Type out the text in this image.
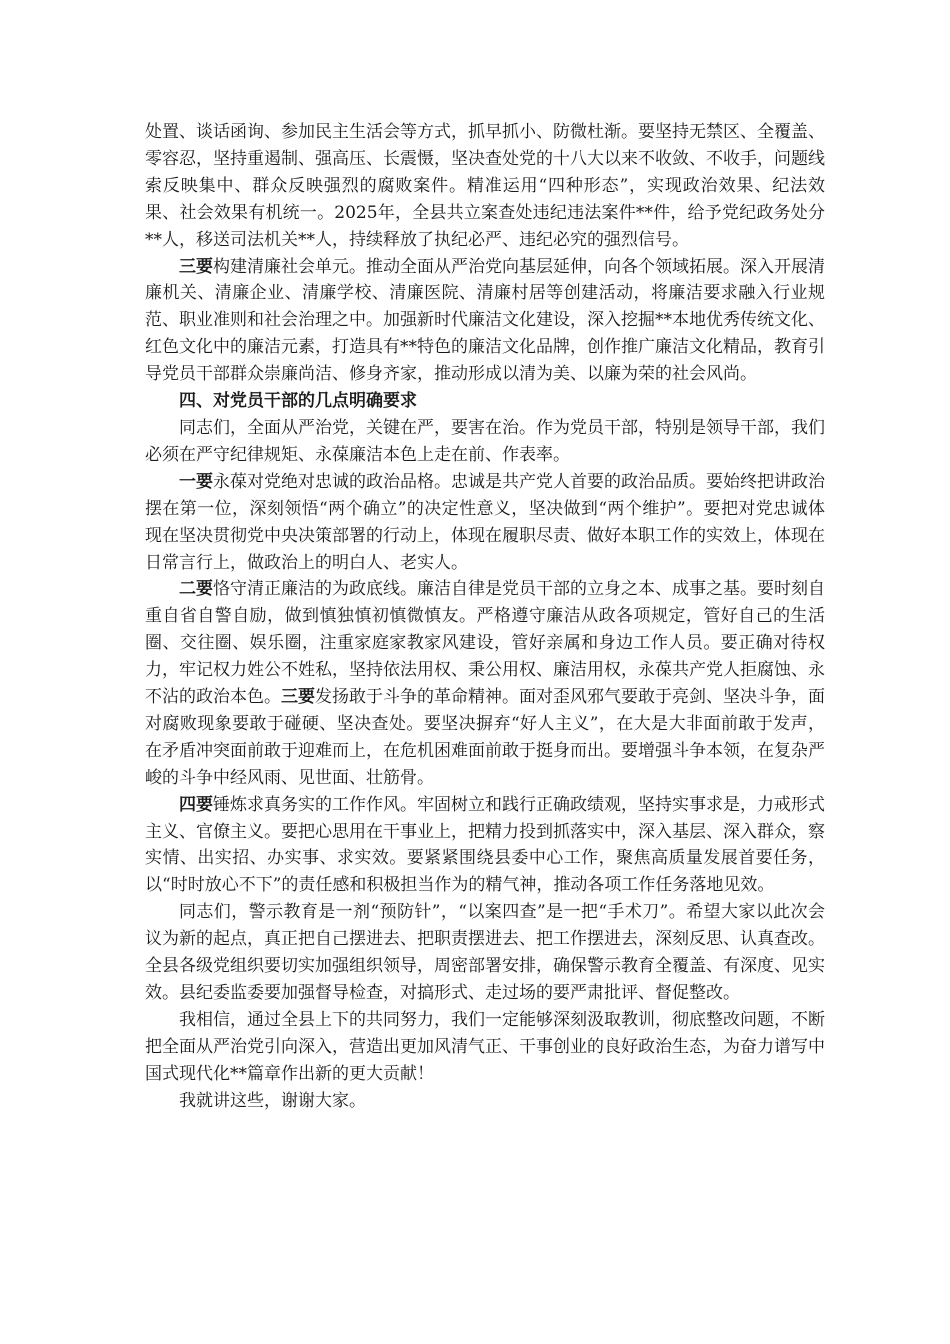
处置、谈话函询、参加民主生活会等方式，抓早抓小、防微杜渐。要坚持无禁区、全覆盖、零容忍，坚持重遏制、强高压、长震慑，坚决查处党的十八大以来不收敛、不收手，问题线索反映集中、群众反映强烈的腐败案件。精准运用“四种形态”，实现政治效果、纪法效果、社会效果有机统一。2025年，全县共立案查处违纪违法案件**件，给予党纪政务处分**人，移送司法机关**人，持续释放了执纪必严、违纪必究的强烈信号。

三要构建清廉社会单元。推动全面从严治党向基层延伸，向各个领域拓展。深入开展清廉机关、清廉企业、清廉学校、清廉医院、清廉村居等创建活动，将廉洁要求融入行业规范、职业准则和社会治理之中。加强新时代廉洁文化建设，深入挖掘**本地优秀传统文化、红色文化中的廉洁元素，打造具有**特色的廉洁文化品牌，创作推广廉洁文化精品，教育引导党员干部群众崇廉尚洁、修身齐家，推动形成以清为美、以廉为荣的社会风尚。

四、对党员干部的几点明确要求

同志们，全面从严治党，关键在严，要害在治。作为党员干部，特别是领导干部，我们必须在严守纪律规矩、永葆廉洁本色上走在前、作表率。

一要永葆对党绝对忠诚的政治品格。忠诚是共产党人首要的政治品质。要始终把讲政治摆在第一位，深刻领悟“两个确立”的决定性意义，坚决做到“两个维护”。要把对党忠诚体现在坚决贯彻党中央决策部署的行动上，体现在履职尽责、做好本职工作的实效上，体现在日常言行上，做政治上的明白人、老实人。

二要恪守清正廉洁的为政底线。廉洁自律是党员干部的立身之本、成事之基。要时刻自重自省自警自励，做到慎独慎初慎微慎友。严格遵守廉洁从政各项规定，管好自己的生活圈、交往圈、娱乐圈，注重家庭家教家风建设，管好亲属和身边工作人员。要正确对待权力，牢记权力姓公不姓私，坚持依法用权、秉公用权、廉洁用权，永葆共产党人拒腐蚀、永不沾的政治本色。三要发扬敢于斗争的革命精神。面对歪风邪气要敢于亮剑、坚决斗争，面对腐败现象要敢于碰硬、坚决查处。要坚决摒弃“好人主义”，在大是大非面前敢于发声，在矛盾冲突面前敢于迎难而上，在危机困难面前敢于挺身而出。要增强斗争本领，在复杂严峻的斗争中经风雨、见世面、壮筋骨。

四要锤炼求真务实的工作作风。牢固树立和践行正确政绩观，坚持实事求是，力戒形式主义、官僚主义。要把心思用在干事业上，把精力投到抓落实中，深入基层、深入群众，察实情、出实招、办实事、求实效。要紧紧围绕县委中心工作，聚焦高质量发展首要任务，以“时时放心不下”的责任感和积极担当作为的精气神，推动各项工作任务落地见效。

同志们，警示教育是一剂“预防针”，“以案四查”是一把“手术刀”。希望大家以此次会议为新的起点，真正把自己摆进去、把职责摆进去、把工作摆进去，深刻反思、认真查改。全县各级党组织要切实加强组织领导，周密部署安排，确保警示教育全覆盖、有深度、见实效。县纪委监委要加强督导检查，对搞形式、走过场的要严肃批评、督促整改。

我相信，通过全县上下的共同努力，我们一定能够深刻汲取教训，彻底整改问题，不断把全面从严治党引向深入，营造出更加风清气正、干事创业的良好政治生态，为奋力谱写中国式现代化**篇章作出新的更大贡献！

我就讲这些，谢谢大家。
